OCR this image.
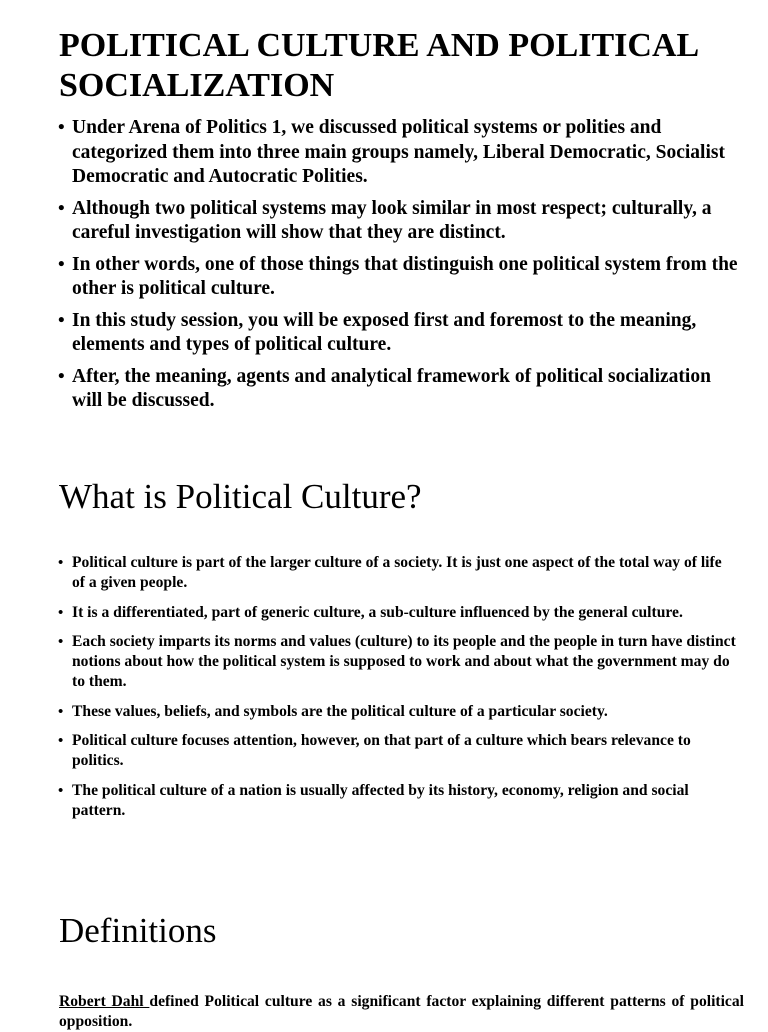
POLITICAL CULTURE AND POLITICAL SOCIALIZATION
• Under Arena of Politics 1, we discussed political systems or polities and categorized them into three main groups namely, Liberal Democratic, Socialist Democratic and Autocratic Polities.
• Although two political systems may look similar in most respect; culturally, a careful investigation will show that they are distinct.
• In other words, one of those things that distinguish one political system from the other is political culture.
• In this study session, you will be exposed first and foremost to the meaning, elements and types of political culture.
• After, the meaning, agents and analytical framework of political socialization will be discussed.
What is Political Culture?
• Political culture is part of the larger culture of a society. It is just one aspect of the total way of life of a given people.
• It is a differentiated, part of generic culture, a sub-culture influenced by the general culture.
• Each society imparts its norms and values (culture) to its people and the people in turn have distinct notions about how the political system is supposed to work and about what the government may do to them.
• These values, beliefs, and symbols are the political culture of a particular society.
• Political culture focuses attention, however, on that part of a culture which bears relevance to politics.
• The political culture of a nation is usually affected by its history, economy, religion and social pattern.
Definitions

Robert Dahl defined Political culture as a significant factor explaining different patterns of political opposition.
